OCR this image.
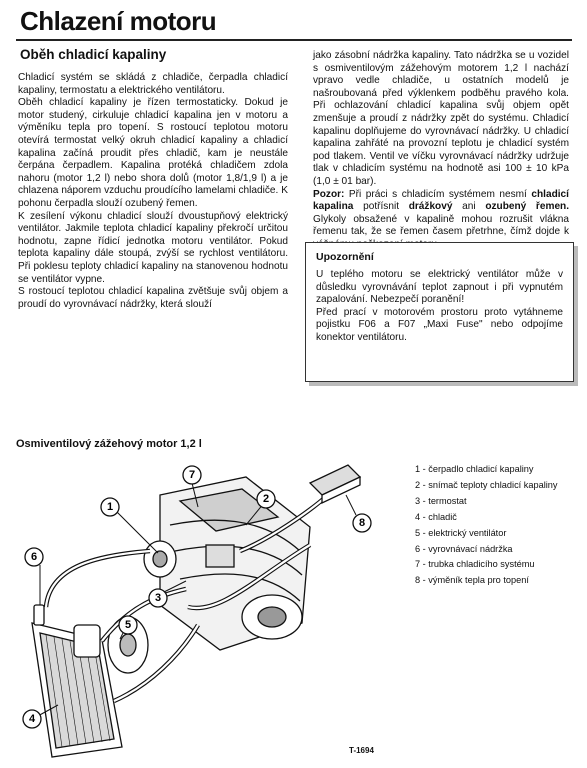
Chlazení motoru
Oběh chladicí kapaliny

Chladicí systém se skládá z chladiče, čerpadla chladicí kapaliny, termostatu a elektrického ventilátoru.

Oběh chladicí kapaliny je řízen termostaticky. Dokud je motor studený, cirkuluje chladicí kapalina jen v motoru a výměníku tepla pro topení. S rostoucí teplotou motoru otevírá termostat velký okruh chladicí kapaliny a chladicí kapalina začíná proudit přes chladič, kam je neustále čerpána čerpadlem. Kapalina protéká chladičem zdola nahoru (motor 1,2 l) nebo shora dolů (motor 1,8/1,9 l) a je chlazena náporem vzduchu proudícího lamelami chladiče. K pohonu čerpadla slouží ozubený řemen.

K zesílení výkonu chladicí slouží dvoustupňový elektrický ventilátor. Jakmile teplota chladicí kapaliny překročí určitou hodnotu, zapne řídicí jednotka motoru ventilátor. Pokud teplota kapaliny dále stoupá, zvýší se rychlost ventilátoru. Při poklesu teploty chladicí kapaliny na stanovenou hodnotu se ventilátor vypne.

S rostoucí teplotou chladicí kapalina zvětšuje svůj objem a proudí do vyrovnávací nádržky, která slouží

jako zásobní nádržka kapaliny. Tato nádržka se u vozidel s osmiventilovým zážehovým motorem 1,2 l nachází vpravo vedle chladiče, u ostatních modelů je našroubovaná před výklenkem podběhu pravého kola. Při ochlazování chladicí kapalina svůj objem opět zmenšuje a proudí z nádržky zpět do systému. Chladicí kapalinu doplňujeme do vyrovnávací nádržky. U chladicí kapalina zahřáté na provozní teplotu je chladicí systém pod tlakem. Ventil ve víčku vyrovnávací nádržky udržuje tlak v chladicím systému na hodnotě asi 100 ± 10 kPa (1,0 ± 01 bar).

Pozor: Při práci s chladicím systémem nesmí chladicí kapalina potřísnit drážkový ani ozubený řemen. Glykoly obsažené v kapalině mohou rozrušit vlákna řemenu tak, že se řemen časem přetrhne, čímž dojde k

Upozornění

U teplého motoru se elektrický ventilátor může v důsledku vyrovnávání teplot zapnout i při vypnutém zapalování. Nebezpečí poranění!

Před prací v motorovém prostoru proto vytáhneme pojistku F06 a F07 „Maxi Fuse" nebo odpojíme konektor ventilátoru.

Osmiventilový zážehový motor 1,2 l
1
2
3
4
5
6
7
8
1 - čerpadlo chladicí kapaliny
2 - snímač teploty chladicí kapaliny
3 - termostat
4 - chladič
5 - elektrický ventilátor
6 - vyrovnávací nádržka
7 - trubka chladicího systému
8 - výměník tepla pro topení
T-1694
